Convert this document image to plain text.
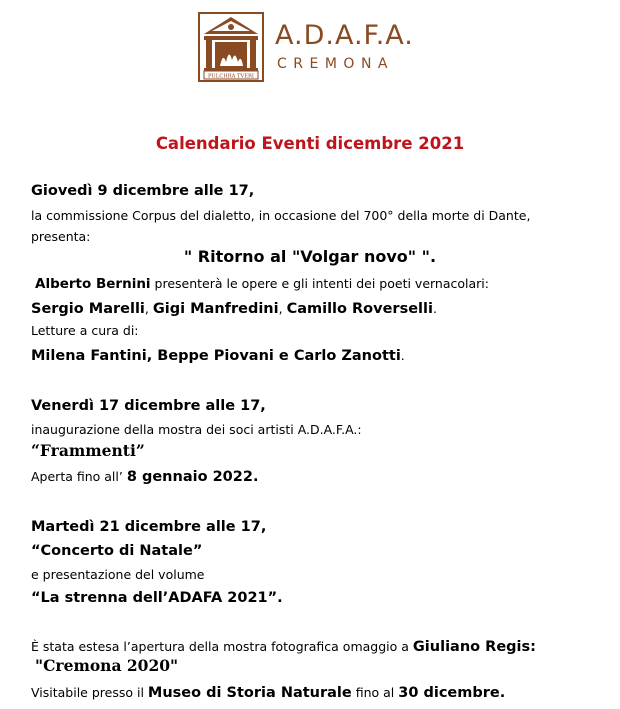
PULCHRA TVERI
A.D.A.F.A.
CREMONA
Calendario Eventi dicembre 2021
Giovedì 9 dicembre alle 17,
la commissione Corpus del dialetto, in occasione del 700° della morte di Dante,
presenta:
" Ritorno al "Volgar novo" ".
Alberto Bernini presenterà le opere e gli intenti dei poeti vernacolari:
Sergio Marelli, Gigi Manfredini, Camillo Roverselli.
Letture a cura di:
Milena Fantini, Beppe Piovani e Carlo Zanotti.
Venerdì 17 dicembre alle 17,
inaugurazione della mostra dei soci artisti A.D.A.F.A.:
“Frammenti”
Aperta fino all’ 8 gennaio 2022.
Martedì 21 dicembre alle 17,
“Concerto di Natale”
e presentazione del volume
“La strenna dell’ADAFA 2021”.
È stata estesa l’apertura della mostra fotografica omaggio a Giuliano Regis:
"Cremona 2020"
Visitabile presso il Museo di Storia Naturale fino al 30 dicembre.
